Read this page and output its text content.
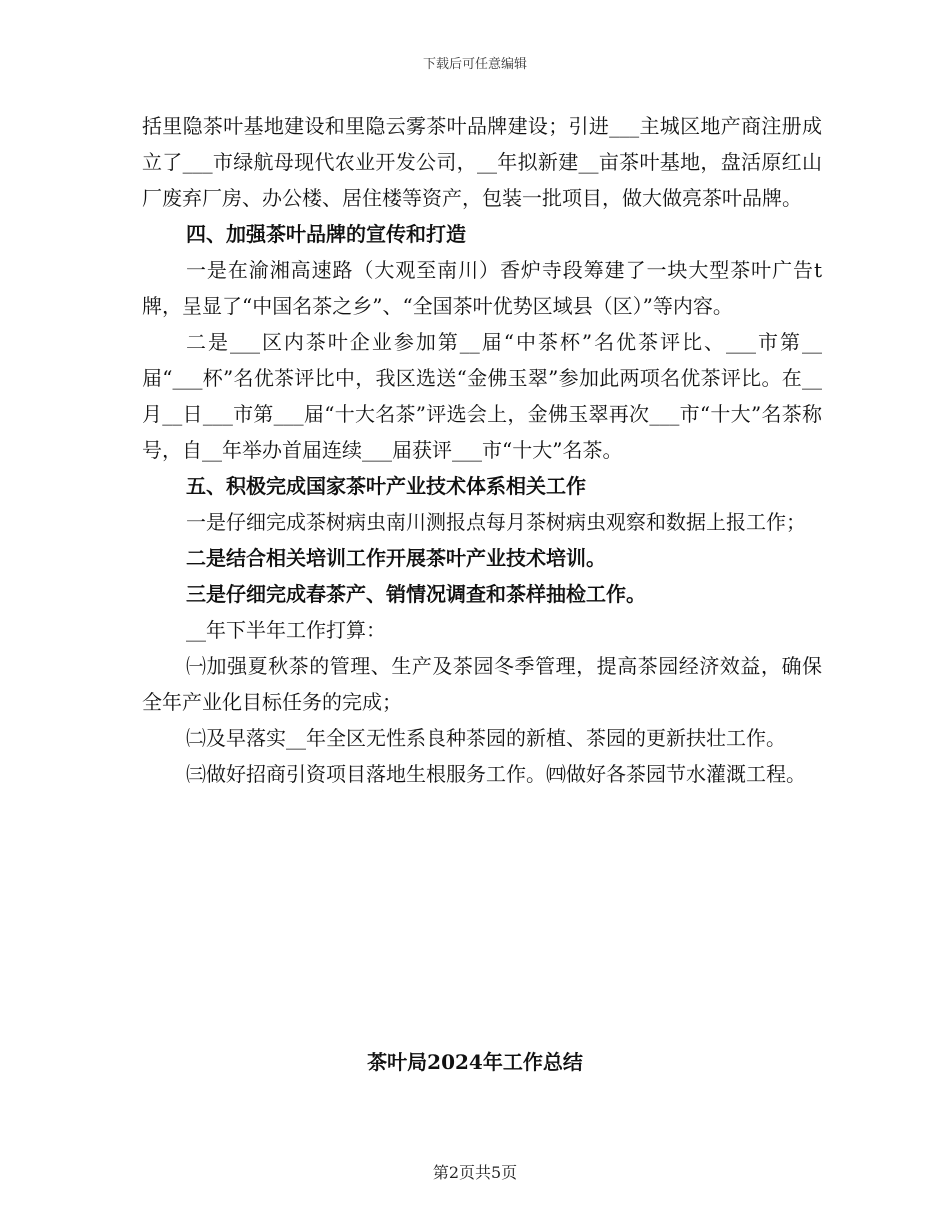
下载后可任意编辑

括里隐茶叶基地建设和里隐云雾茶叶品牌建设；引进___主城区地产商注册成立了___市绿航母现代农业开发公司，__年拟新建__亩茶叶基地，盘活原红山厂废弃厂房、办公楼、居住楼等资产，包装一批项目，做大做亮茶叶品牌。

四、加强茶叶品牌的宣传和打造

一是在渝湘高速路（大观至南川）香炉寺段筹建了一块大型茶叶广告t牌，呈显了“中国名茶之乡”、“全国茶叶优势区域县（区）”等内容。

二是___区内茶叶企业参加第__届“中茶杯”名优茶评比、___市第__届“___杯”名优茶评比中，我区选送“金佛玉翠”参加此两项名优茶评比。在__月__日___市第___届“十大名茶”评选会上，金佛玉翠再次___市“十大”名茶称号，自__年举办首届连续___届获评___市“十大”名茶。

五、积极完成国家茶叶产业技术体系相关工作

一是仔细完成茶树病虫南川测报点每月茶树病虫观察和数据上报工作；

二是结合相关培训工作开展茶叶产业技术培训。

三是仔细完成春茶产、销情况调查和茶样抽检工作。

__年下半年工作打算：

㈠加强夏秋茶的管理、生产及茶园冬季管理，提高茶园经济效益，确保全年产业化目标任务的完成；

㈡及早落实__年全区无性系良种茶园的新植、茶园的更新扶壮工作。

㈢做好招商引资项目落地生根服务工作。㈣做好各茶园节水灌溉工程。

茶叶局2024年工作总结
第2页共5页
